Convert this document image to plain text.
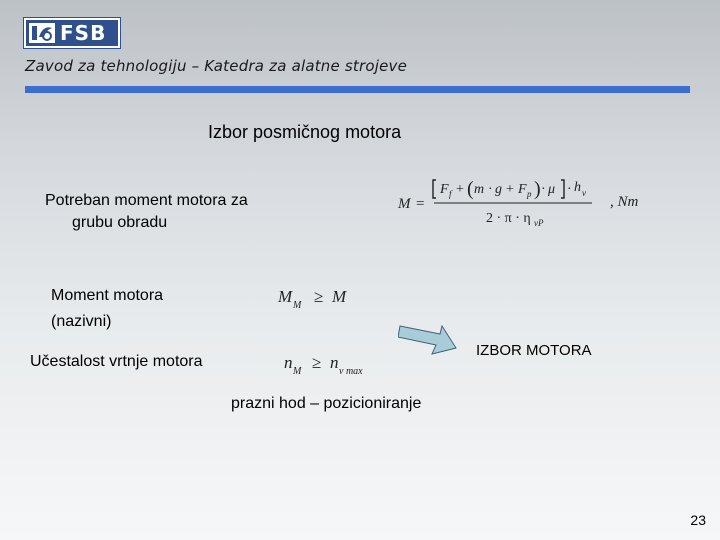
FSB
Zavod za tehnologiju – Katedra za alatne strojeve
Izbor posmičnog motora
Potreban moment motora za
grubu obradu
M =
F f + ( m · g + F p ) · μ · h v
2 · π · η vP
, Nm
Moment motora
(nazivni)
M M ≥ M
IZBOR MOTORA
Učestalost vrtnje motora	n M ≥ n v max
prazni hod – pozicioniranje
23
